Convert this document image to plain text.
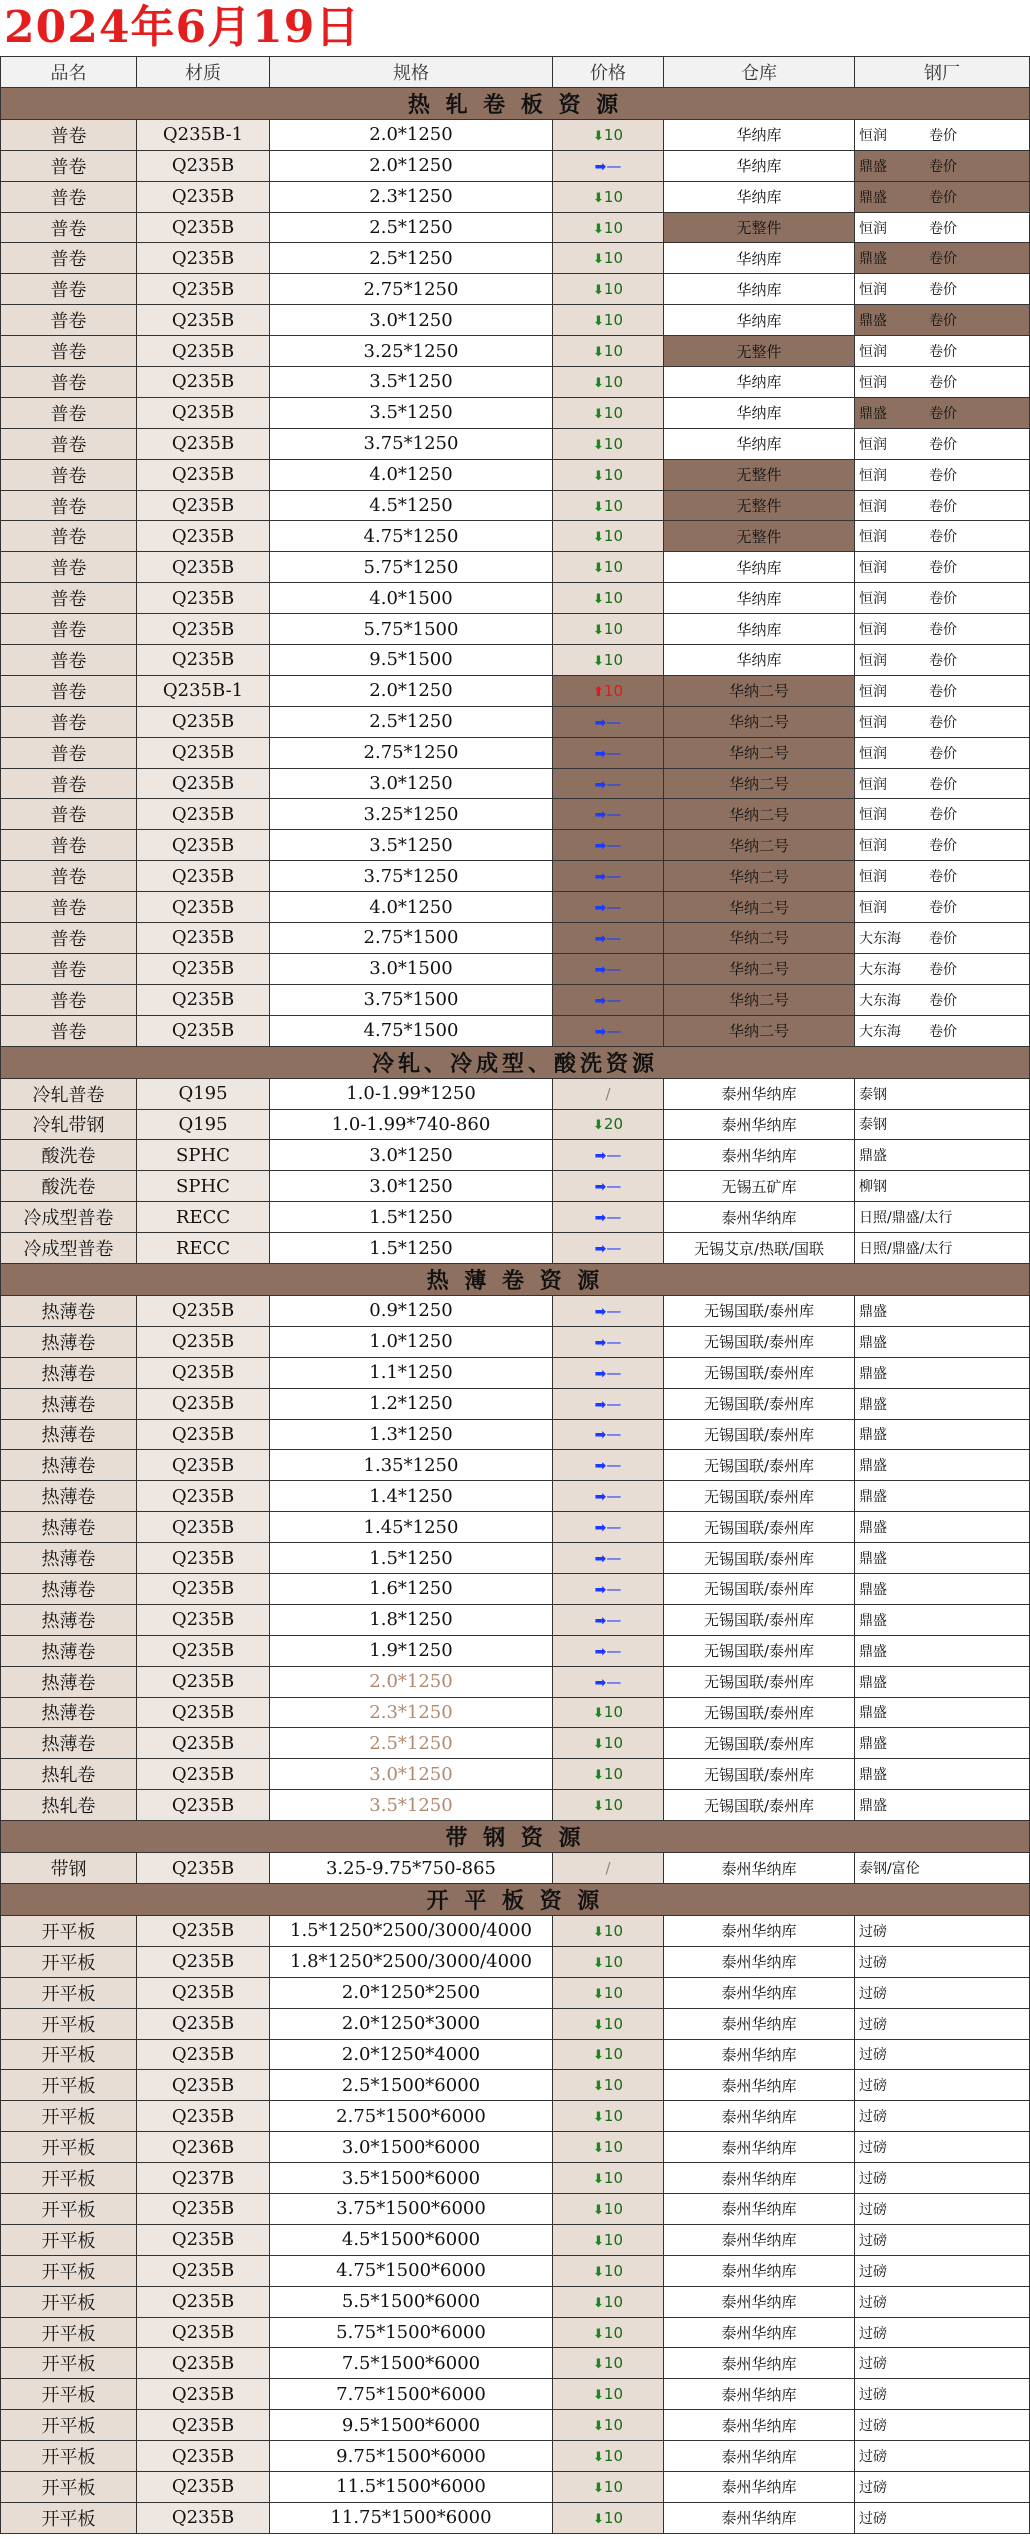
2024年6月19日
品名	材质	规格	价格	仓库	钢厂
热 轧 卷 板 资 源					
普卷	Q235B-1	2.0*1250	⬇10	华纳库	恒润 卷价
普卷	Q235B	2.0*1250	➡—	华纳库	鼎盛 卷价
普卷	Q235B	2.3*1250	⬇10	华纳库	鼎盛 卷价
普卷	Q235B	2.5*1250	⬇10	无整件	恒润 卷价
普卷	Q235B	2.5*1250	⬇10	华纳库	鼎盛 卷价
普卷	Q235B	2.75*1250	⬇10	华纳库	恒润 卷价
普卷	Q235B	3.0*1250	⬇10	华纳库	鼎盛 卷价
普卷	Q235B	3.25*1250	⬇10	无整件	恒润 卷价
普卷	Q235B	3.5*1250	⬇10	华纳库	恒润 卷价
普卷	Q235B	3.5*1250	⬇10	华纳库	鼎盛 卷价
普卷	Q235B	3.75*1250	⬇10	华纳库	恒润 卷价
普卷	Q235B	4.0*1250	⬇10	无整件	恒润 卷价
普卷	Q235B	4.5*1250	⬇10	无整件	恒润 卷价
普卷	Q235B	4.75*1250	⬇10	无整件	恒润 卷价
普卷	Q235B	5.75*1250	⬇10	华纳库	恒润 卷价
普卷	Q235B	4.0*1500	⬇10	华纳库	恒润 卷价
普卷	Q235B	5.75*1500	⬇10	华纳库	恒润 卷价
普卷	Q235B	9.5*1500	⬇10	华纳库	恒润 卷价
普卷	Q235B-1	2.0*1250	⬆10	华纳二号	恒润 卷价
普卷	Q235B	2.5*1250	➡—	华纳二号	恒润 卷价
普卷	Q235B	2.75*1250	➡—	华纳二号	恒润 卷价
普卷	Q235B	3.0*1250	➡—	华纳二号	恒润 卷价
普卷	Q235B	3.25*1250	➡—	华纳二号	恒润 卷价
普卷	Q235B	3.5*1250	➡—	华纳二号	恒润 卷价
普卷	Q235B	3.75*1250	➡—	华纳二号	恒润 卷价
普卷	Q235B	4.0*1250	➡—	华纳二号	恒润 卷价
普卷	Q235B	2.75*1500	➡—	华纳二号	大东海 卷价
普卷	Q235B	3.0*1500	➡—	华纳二号	大东海 卷价
普卷	Q235B	3.75*1500	➡—	华纳二号	大东海 卷价
普卷	Q235B	4.75*1500	➡—	华纳二号	大东海 卷价
冷轧、冷成型、酸洗资源					
冷轧普卷	Q195	1.0-1.99*1250	/	泰州华纳库	泰钢
冷轧带钢	Q195	1.0-1.99*740-860	⬇20	泰州华纳库	泰钢
酸洗卷	SPHC	3.0*1250	➡—	泰州华纳库	鼎盛
酸洗卷	SPHC	3.0*1250	➡—	无锡五矿库	柳钢
冷成型普卷	RECC	1.5*1250	➡—	泰州华纳库	日照/鼎盛/太行
冷成型普卷	RECC	1.5*1250	➡—	无锡艾京/热联/国联	日照/鼎盛/太行
热 薄 卷 资 源					
热薄卷	Q235B	0.9*1250	➡—	无锡国联/泰州库	鼎盛
热薄卷	Q235B	1.0*1250	➡—	无锡国联/泰州库	鼎盛
热薄卷	Q235B	1.1*1250	➡—	无锡国联/泰州库	鼎盛
热薄卷	Q235B	1.2*1250	➡—	无锡国联/泰州库	鼎盛
热薄卷	Q235B	1.3*1250	➡—	无锡国联/泰州库	鼎盛
热薄卷	Q235B	1.35*1250	➡—	无锡国联/泰州库	鼎盛
热薄卷	Q235B	1.4*1250	➡—	无锡国联/泰州库	鼎盛
热薄卷	Q235B	1.45*1250	➡—	无锡国联/泰州库	鼎盛
热薄卷	Q235B	1.5*1250	➡—	无锡国联/泰州库	鼎盛
热薄卷	Q235B	1.6*1250	➡—	无锡国联/泰州库	鼎盛
热薄卷	Q235B	1.8*1250	➡—	无锡国联/泰州库	鼎盛
热薄卷	Q235B	1.9*1250	➡—	无锡国联/泰州库	鼎盛
热薄卷	Q235B	2.0*1250	➡—	无锡国联/泰州库	鼎盛
热薄卷	Q235B	2.3*1250	⬇10	无锡国联/泰州库	鼎盛
热薄卷	Q235B	2.5*1250	⬇10	无锡国联/泰州库	鼎盛
热轧卷	Q235B	3.0*1250	⬇10	无锡国联/泰州库	鼎盛
热轧卷	Q235B	3.5*1250	⬇10	无锡国联/泰州库	鼎盛
带 钢 资 源					
带钢	Q235B	3.25-9.75*750-865	/	泰州华纳库	泰钢/富伦
开 平 板 资 源					
开平板	Q235B	1.5*1250*2500/3000/4000	⬇10	泰州华纳库	过磅
开平板	Q235B	1.8*1250*2500/3000/4000	⬇10	泰州华纳库	过磅
开平板	Q235B	2.0*1250*2500	⬇10	泰州华纳库	过磅
开平板	Q235B	2.0*1250*3000	⬇10	泰州华纳库	过磅
开平板	Q235B	2.0*1250*4000	⬇10	泰州华纳库	过磅
开平板	Q235B	2.5*1500*6000	⬇10	泰州华纳库	过磅
开平板	Q235B	2.75*1500*6000	⬇10	泰州华纳库	过磅
开平板	Q236B	3.0*1500*6000	⬇10	泰州华纳库	过磅
开平板	Q237B	3.5*1500*6000	⬇10	泰州华纳库	过磅
开平板	Q235B	3.75*1500*6000	⬇10	泰州华纳库	过磅
开平板	Q235B	4.5*1500*6000	⬇10	泰州华纳库	过磅
开平板	Q235B	4.75*1500*6000	⬇10	泰州华纳库	过磅
开平板	Q235B	5.5*1500*6000	⬇10	泰州华纳库	过磅
开平板	Q235B	5.75*1500*6000	⬇10	泰州华纳库	过磅
开平板	Q235B	7.5*1500*6000	⬇10	泰州华纳库	过磅
开平板	Q235B	7.75*1500*6000	⬇10	泰州华纳库	过磅
开平板	Q235B	9.5*1500*6000	⬇10	泰州华纳库	过磅
开平板	Q235B	9.75*1500*6000	⬇10	泰州华纳库	过磅
开平板	Q235B	11.5*1500*6000	⬇10	泰州华纳库	过磅
开平板	Q235B	11.75*1500*6000	⬇10	泰州华纳库	过磅
